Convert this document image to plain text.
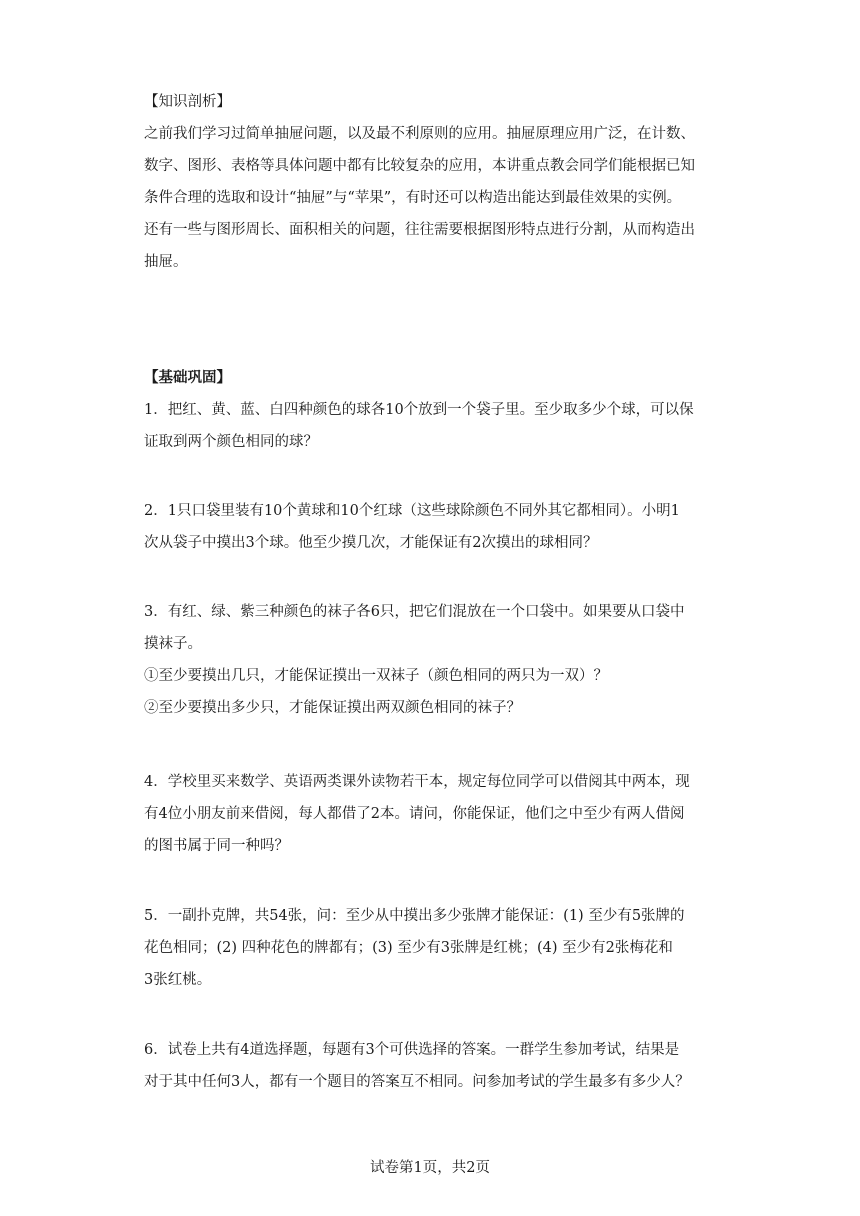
【知识剖析】
之前我们学习过简单抽屉问题，以及最不利原则的应用。抽屉原理应用广泛，在计数、
数字、图形、表格等具体问题中都有比较复杂的应用，本讲重点教会同学们能根据已知
条件合理的选取和设计“抽屉”与“苹果”，有时还可以构造出能达到最佳效果的实例。
还有一些与图形周长、面积相关的问题，往往需要根据图形特点进行分割，从而构造出
抽屉。
【基础巩固】
1．把红、黄、蓝、白四种颜色的球各10个放到一个袋子里。至少取多少个球，可以保
证取到两个颜色相同的球？
2．1只口袋里装有10个黄球和10个红球（这些球除颜色不同外其它都相同）。小明1
次从袋子中摸出3个球。他至少摸几次，才能保证有2次摸出的球相同？
3．有红、绿、紫三种颜色的袜子各6只，把它们混放在一个口袋中。如果要从口袋中
摸袜子。
①至少要摸出几只，才能保证摸出一双袜子（颜色相同的两只为一双）？
②至少要摸出多少只，才能保证摸出两双颜色相同的袜子？
4．学校里买来数学、英语两类课外读物若干本，规定每位同学可以借阅其中两本，现
有4位小朋友前来借阅，每人都借了2本。请问，你能保证，他们之中至少有两人借阅
的图书属于同一种吗？
5．一副扑克牌，共54张，问：至少从中摸出多少张牌才能保证：(1) 至少有5张牌的
花色相同；(2) 四种花色的牌都有；(3) 至少有3张牌是红桃；(4) 至少有2张梅花和
3张红桃。
6．试卷上共有4道选择题，每题有3个可供选择的答案。一群学生参加考试，结果是
对于其中任何3人，都有一个题目的答案互不相同。问参加考试的学生最多有多少人？
试卷第1页，共2页
